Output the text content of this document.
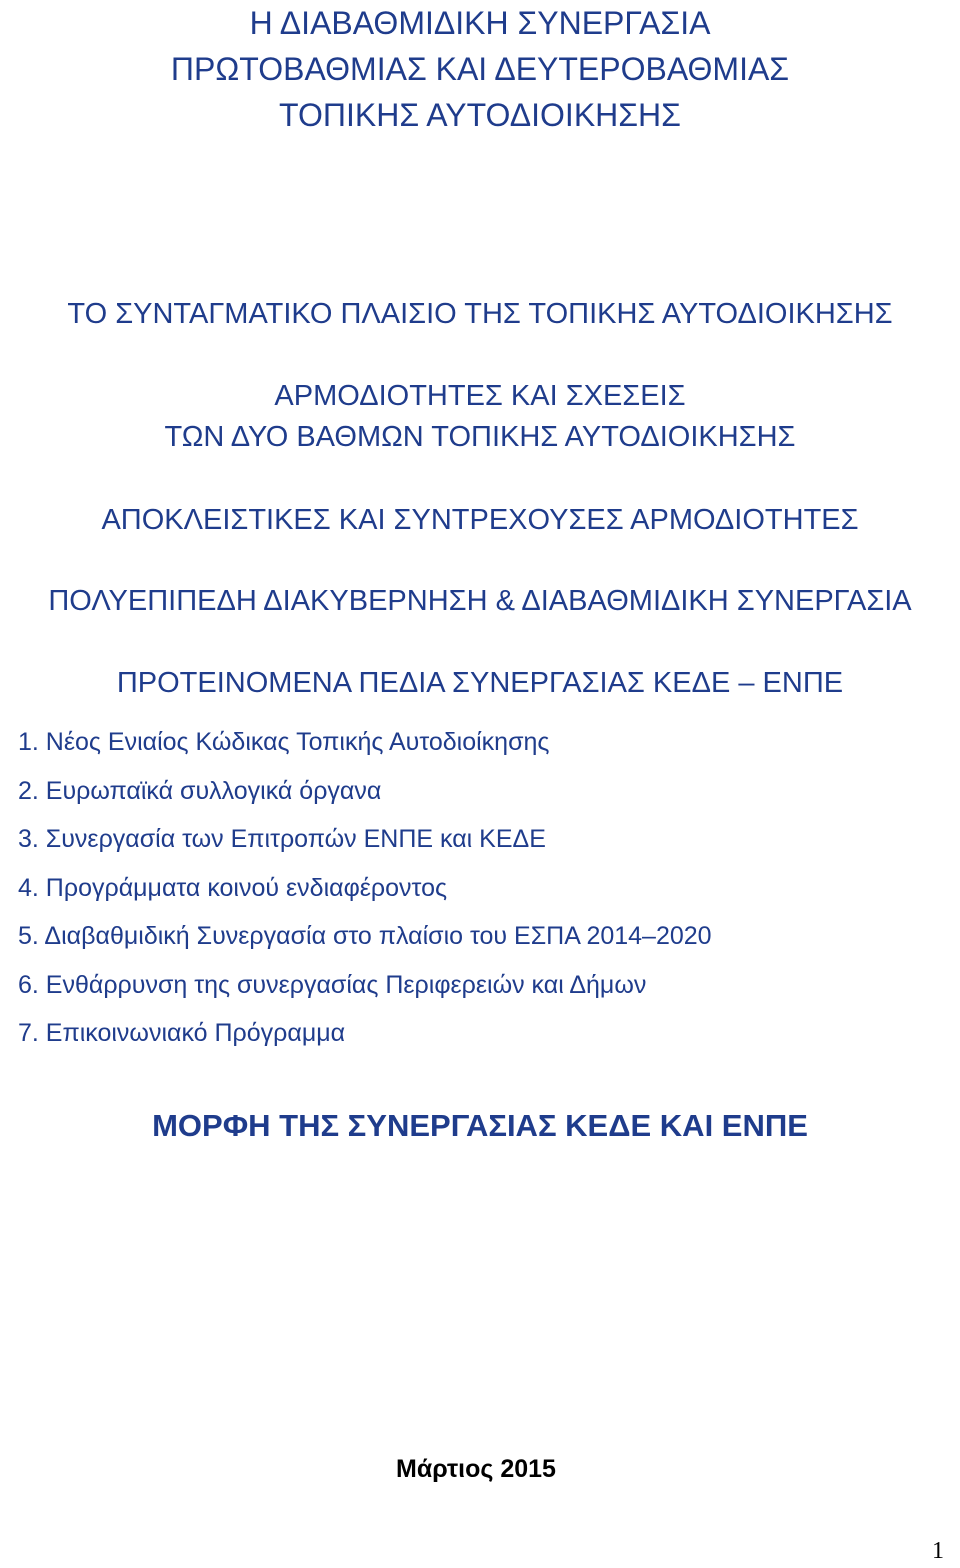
Η ΔΙΑΒΑΘΜΙΔΙΚΗ ΣΥΝΕΡΓΑΣΙΑ
ΠΡΩΤΟΒΑΘΜΙΑΣ ΚΑΙ ΔΕΥΤΕΡΟΒΑΘΜΙΑΣ
ΤΟΠΙΚΗΣ ΑΥΤΟΔΙΟΙΚΗΣΗΣ
ΤΟ ΣΥΝΤΑΓΜΑΤΙΚΟ ΠΛΑΙΣΙΟ ΤΗΣ ΤΟΠΙΚΗΣ ΑΥΤΟΔΙΟΙΚΗΣΗΣ
ΑΡΜΟΔΙΟΤΗΤΕΣ ΚΑΙ ΣΧΕΣΕΙΣ
ΤΩΝ ΔΥΟ ΒΑΘΜΩΝ ΤΟΠΙΚΗΣ ΑΥΤΟΔΙΟΙΚΗΣΗΣ
ΑΠΟΚΛΕΙΣΤΙΚΕΣ ΚΑΙ ΣΥΝΤΡΕΧΟΥΣΕΣ ΑΡΜΟΔΙΟΤΗΤΕΣ
ΠΟΛΥΕΠΙΠΕΔΗ ΔΙΑΚΥΒΕΡΝΗΣΗ & ΔΙΑΒΑΘΜΙΔΙΚΗ ΣΥΝΕΡΓΑΣΙΑ
ΠΡΟΤΕΙΝΟΜΕΝΑ ΠΕΔΙΑ ΣΥΝΕΡΓΑΣΙΑΣ ΚΕΔΕ – ΕΝΠΕ
1. Νέος Ενιαίος Κώδικας Τοπικής Αυτοδιοίκησης
2. Ευρωπαϊκά συλλογικά όργανα
3. Συνεργασία των Επιτροπών ΕΝΠΕ και ΚΕΔΕ
4. Προγράμματα κοινού ενδιαφέροντος
5. Διαβαθμιδική Συνεργασία στο πλαίσιο του ΕΣΠΑ 2014–2020
6. Ενθάρρυνση της συνεργασίας Περιφερειών και Δήμων
7. Επικοινωνιακό Πρόγραμμα
ΜΟΡΦΗ ΤΗΣ ΣΥΝΕΡΓΑΣΙΑΣ ΚΕΔΕ ΚΑΙ ΕΝΠΕ
Μάρτιος 2015
1
